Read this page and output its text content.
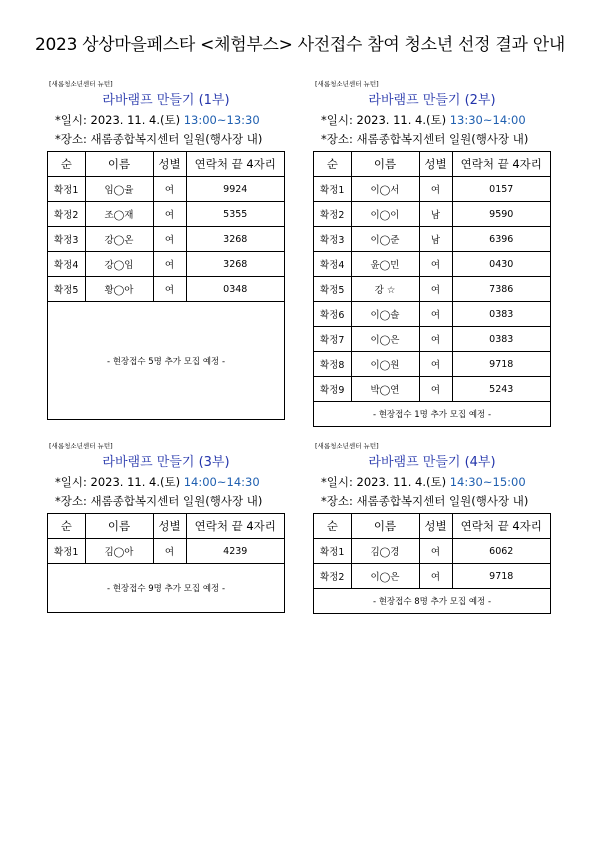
2023 상상마을페스타 <체험부스> 사전접수 참여 청소년 선정 결과 안내
[새롬청소년센터 뉴턴]
라바램프 만들기 (1부)
*일시: 2023. 11. 4.(토) 13:00~13:30
*장소: 새롬종합복지센터 일원(행사장 내)
순	이름	성별	연락처 끝 4자리
확정1	임◯율	여	9924
확정2	조◯재	여	5355
확정3	강◯온	여	3268
확정4	강◯임	여	3268
확정5	황◯아	여	0348
- 현장접수 5명 추가 모집 예정 -			
[새롬청소년센터 뉴턴]
라바램프 만들기 (2부)
*일시: 2023. 11. 4.(토) 13:30~14:00
*장소: 새롬종합복지센터 일원(행사장 내)
순	이름	성별	연락처 끝 4자리
확정1	이◯서	여	0157
확정2	이◯이	남	9590
확정3	이◯준	남	6396
확정4	윤◯민	여	0430
확정5	강 ☆	여	7386
확정6	이◯솔	여	0383
확정7	이◯은	여	0383
확정8	이◯원	여	9718
확정9	박◯연	여	5243
- 현장접수 1명 추가 모집 예정 -			
[새롬청소년센터 뉴턴]
라바램프 만들기 (3부)
*일시: 2023. 11. 4.(토) 14:00~14:30
*장소: 새롬종합복지센터 일원(행사장 내)
순	이름	성별	연락처 끝 4자리
확정1	김◯아	여	4239
- 현장접수 9명 추가 모집 예정 -			
[새롬청소년센터 뉴턴]
라바램프 만들기 (4부)
*일시: 2023. 11. 4.(토) 14:30~15:00
*장소: 새롬종합복지센터 일원(행사장 내)
순	이름	성별	연락처 끝 4자리
확정1	김◯경	여	6062
확정2	이◯은	여	9718
- 현장접수 8명 추가 모집 예정 -			
